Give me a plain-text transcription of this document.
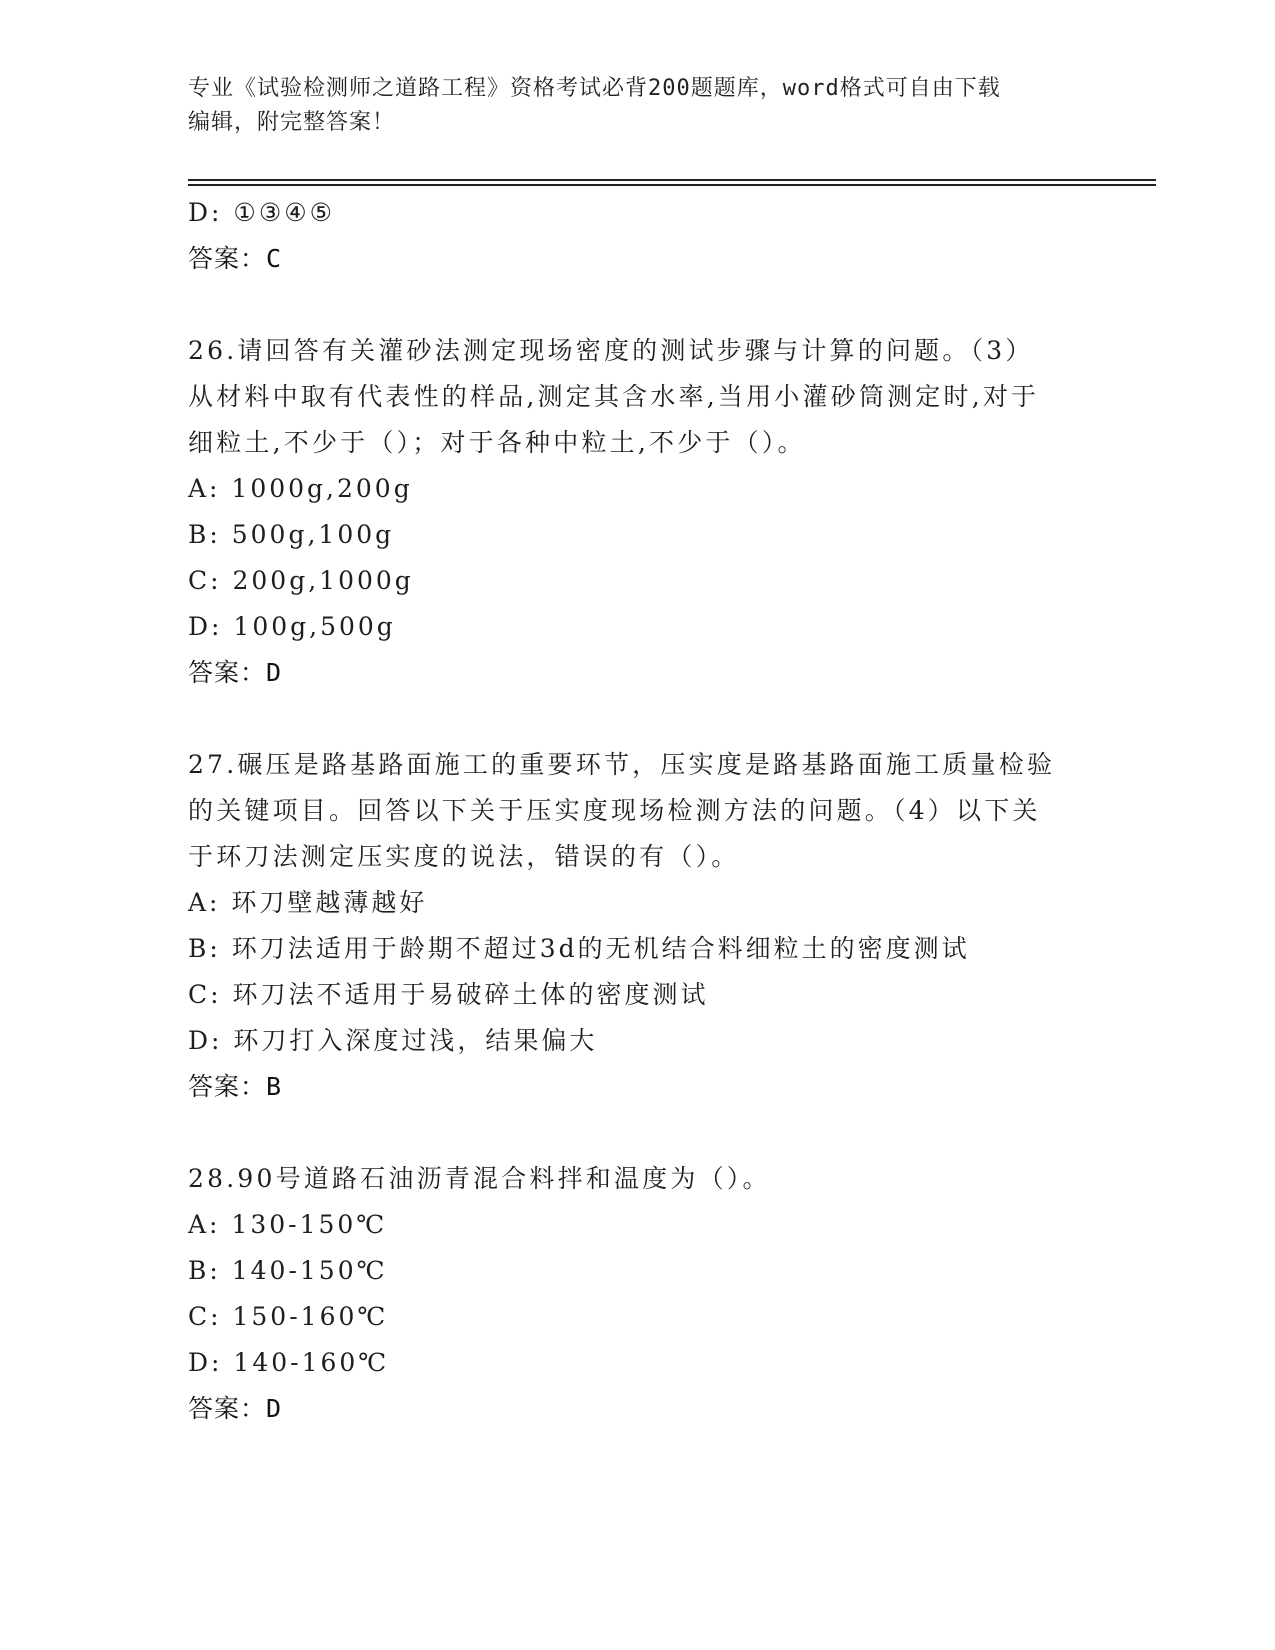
专业《试验检测师之道路工程》资格考试必背200题题库，word格式可自由下载
编辑，附完整答案！
D: ①③④⑤
答案：C
26.请回答有关灌砂法测定现场密度的测试步骤与计算的问题。（3）
从材料中取有代表性的样品,测定其含水率,当用小灌砂筒测定时,对于
细粒土,不少于（）；对于各种中粒土,不少于（）。
A: 1000g,200g
B: 500g,100g
C: 200g,1000g
D: 100g,500g
答案：D
27.碾压是路基路面施工的重要环节，压实度是路基路面施工质量检验
的关键项目。回答以下关于压实度现场检测方法的问题。（4）以下关
于环刀法测定压实度的说法，错误的有（）。
A: 环刀壁越薄越好
B: 环刀法适用于龄期不超过3d的无机结合料细粒土的密度测试
C: 环刀法不适用于易破碎土体的密度测试
D: 环刀打入深度过浅，结果偏大
答案：B
28.90号道路石油沥青混合料拌和温度为（）。
A: 130-150℃
B: 140-150℃
C: 150-160℃
D: 140-160℃
答案：D
